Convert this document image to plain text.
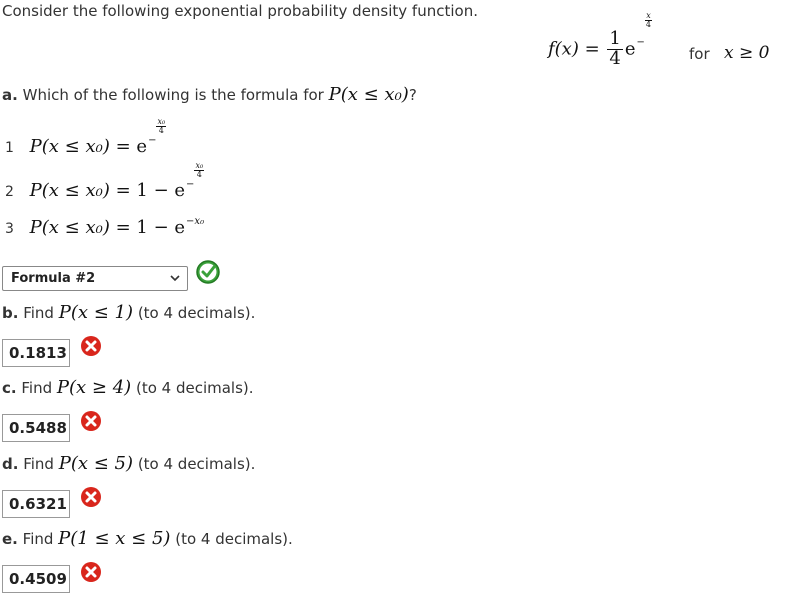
Consider the following exponential probability density function.
$f(x) = \frac{1}{4} e^{- \frac{x}{4}}$
for x ≥ 0
a. Which of the following is the formula for P(x ≤ x₀)?
1 $P(x \le x_0) = e^{- \frac{\text{x₀}}{4}}$
2 $P(x \le x_0) = 1 - e^{- \frac{\text{x₀}}{4}}$
3 $P(x \le x_0) = 1 - e^{-x_0}$
Formula #2
b. Find P(x ≤ 1) (to 4 decimals).
0.1813
c. Find P(x ≥ 4) (to 4 decimals).
0.5488
d. Find P(x ≤ 5) (to 4 decimals).
0.6321
e. Find P(1 ≤ x ≤ 5) (to 4 decimals).
0.4509
